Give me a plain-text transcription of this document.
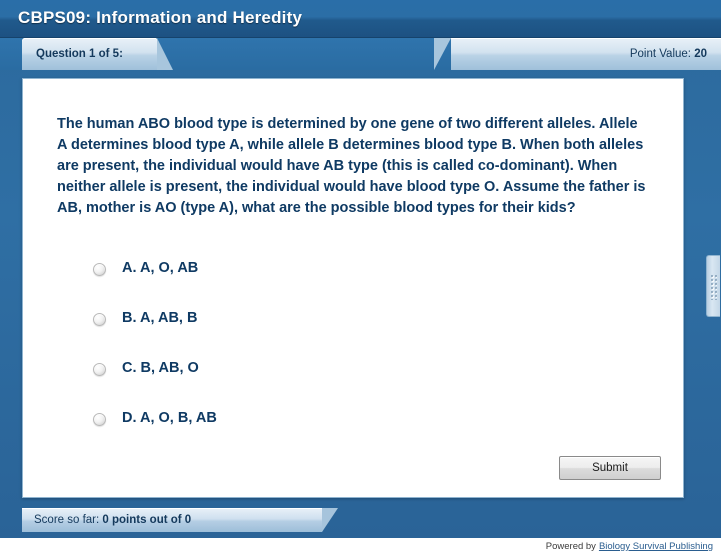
CBPS09: Information and Heredity
Question 1 of 5:	Point Value: 20
The human ABO blood type is determined by one gene of two different alleles. Allele A determines blood type A, while allele B determines blood type B. When both alleles are present, the individual would have AB type (this is called co-dominant). When neither allele is present, the individual would have blood type O. Assume the father is AB, mother is AO (type A), what are the possible blood types for their kids?
A. A, O, AB
B. A, AB, B
C. B, AB, O
D. A, O, B, AB
Submit
Score so far: 0 points out of 0
Powered by Biology Survival Publishing
